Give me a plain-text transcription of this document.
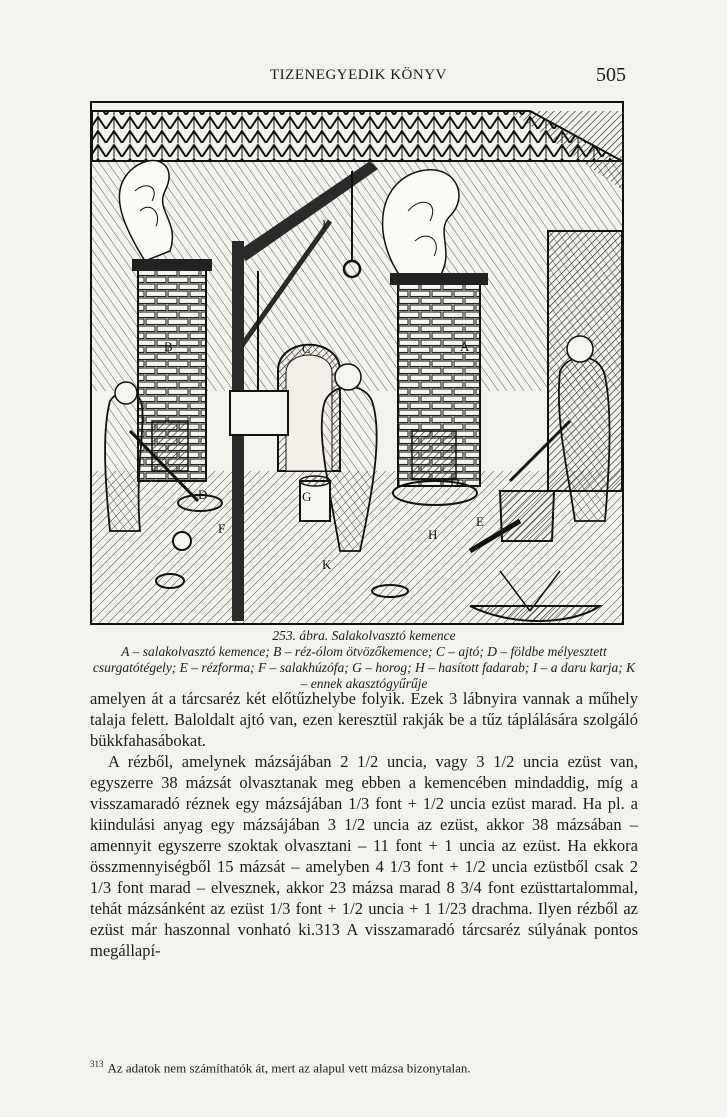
TIZENEGYEDIK KÖNYV	505
I
B	C	A
D
D
F
G
H
E
K
253. ábra. Salakolvasztó kemence
A – salakolvasztó kemence; B – réz-ólom ötvözőkemence; C – ajtó; D – földbe mélyesztett csurgatótégely; E – rézforma; F – salakhúzófa; G – horog; H – hasított fadarab; I – a daru karja; K – ennek akasztógyűrűje

amelyen át a tárcsaréz két előtűzhelybe folyik. Ezek 3 lábnyira vannak a műhely talaja felett. Baloldalt ajtó van, ezen keresztül rakják be a tűz táplálására szolgáló bükkfahasábokat.

A rézből, amelynek mázsájában 2 1/2 uncia, vagy 3 1/2 uncia ezüst van, egyszerre 38 mázsát olvasztanak meg ebben a kemencében mindaddig, míg a visszamaradó réznek egy mázsájában 1/3 font + 1/2 uncia ezüst marad. Ha pl. a kiindulási anyag egy mázsájában 3 1/2 uncia az ezüst, akkor 38 mázsában – amennyit egyszerre szoktak olvasztani – 11 font + 1 uncia az ezüst. Ha ekkora összmennyiségből 15 mázsát – amelyben 4 1/3 font + 1/2 uncia ezüstből csak 2 1/3 font marad – elvesznek, akkor 23 mázsa marad 8 3/4 font ezüsttartalommal, tehát mázsánként az ezüst 1/3 font + 1/2 uncia + 1 1/23 drachma. Ilyen rézből az ezüst már haszonnal vonható ki.313 A visszamaradó tárcsaréz súlyának pontos megállapí-

$^{313}$ Az adatok nem számíthatók át, mert az alapul vett mázsa bizonytalan.
